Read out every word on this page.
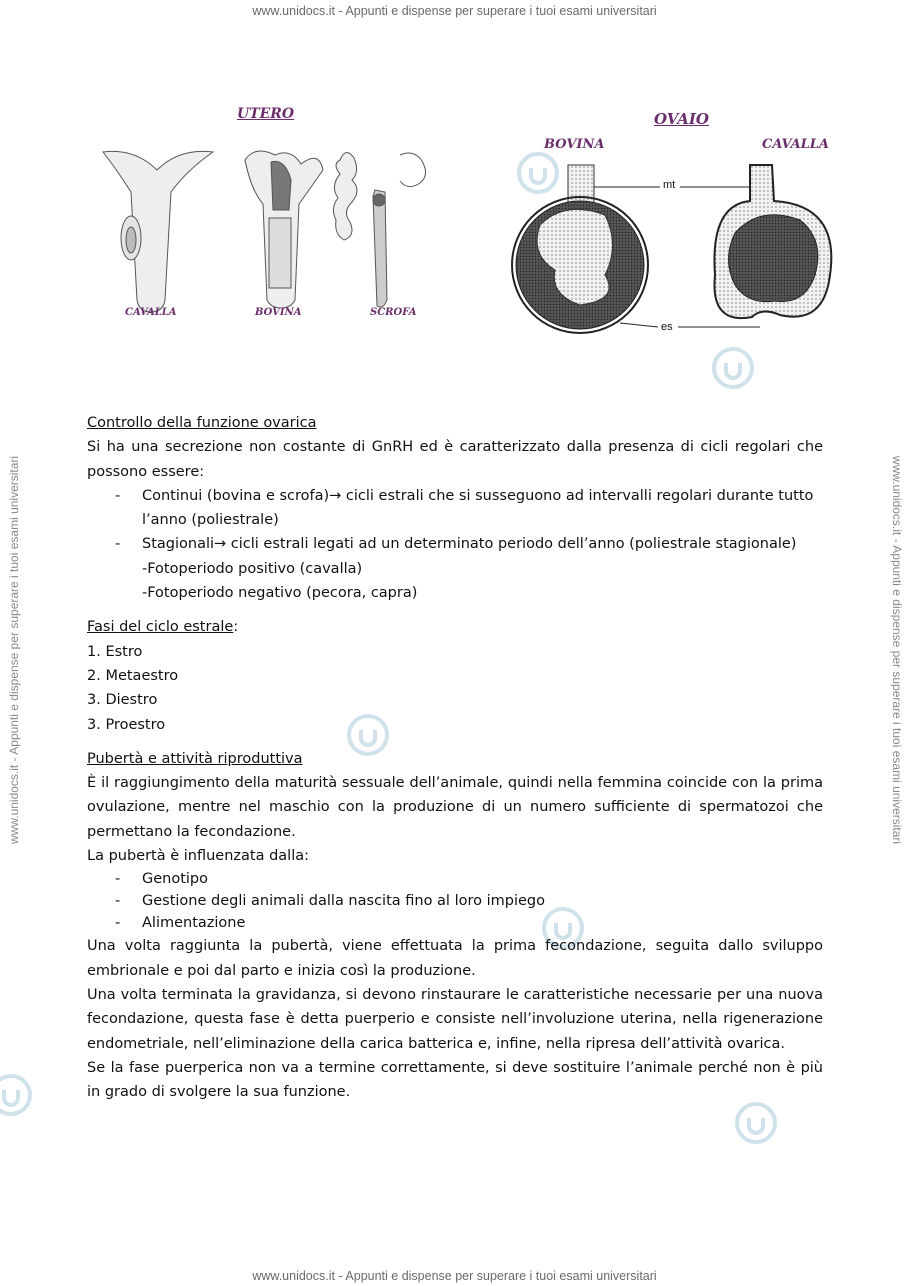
www.unidocs.it - Appunti e dispense per superare i tuoi esami universitari
www.unidocs.it - Appunti e dispense per superare i tuoi esami universitari
www.unidocs.it - Appunti e dispense per superare i tuoi esami universitari	www.unidocs.it - Appunti e dispense per superare i tuoi esami universitari
UTERO
CAVALLA	BOVINA	SCROFA
OVAIO
BOVINA	CAVALLA
mt
es

Controllo della funzione ovarica

Si ha una secrezione non costante di GnRH ed è caratterizzato dalla presenza di cicli regolari che possono essere:

- Continui (bovina e scrofa)→ cicli estrali che si susseguono ad intervalli regolari durante tutto l’anno (poliestrale)
- Stagionali→ cicli estrali legati ad un determinato periodo dell’anno (poliestrale stagionale)

-Fotoperiodo positivo (cavalla)

-Fotoperiodo negativo (pecora, capra)

Fasi del ciclo estrale:

1. Estro
2. Metaestro
3. Diestro
3. Proestro

Pubertà e attività riproduttiva

È il raggiungimento della maturità sessuale dell’animale, quindi nella femmina coincide con la prima ovulazione, mentre nel maschio con la produzione di un numero sufficiente di spermatozoi che permettano la fecondazione.

La pubertà è influenzata dalla:

- Genotipo
- Gestione degli animali dalla nascita fino al loro impiego
- Alimentazione

Una volta raggiunta la pubertà, viene effettuata la prima fecondazione, seguita dallo sviluppo embrionale e poi dal parto e inizia così la produzione.

Una volta terminata la gravidanza, si devono rinstaurare le caratteristiche necessarie per una nuova fecondazione, questa fase è detta puerperio e consiste nell’involuzione uterina, nella rigenerazione endometriale, nell’eliminazione della carica batterica e, infine, nella ripresa dell’attività ovarica.

Se la fase puerperica non va a termine correttamente, si deve sostituire l’animale perché non è più in grado di svolgere la sua funzione.
